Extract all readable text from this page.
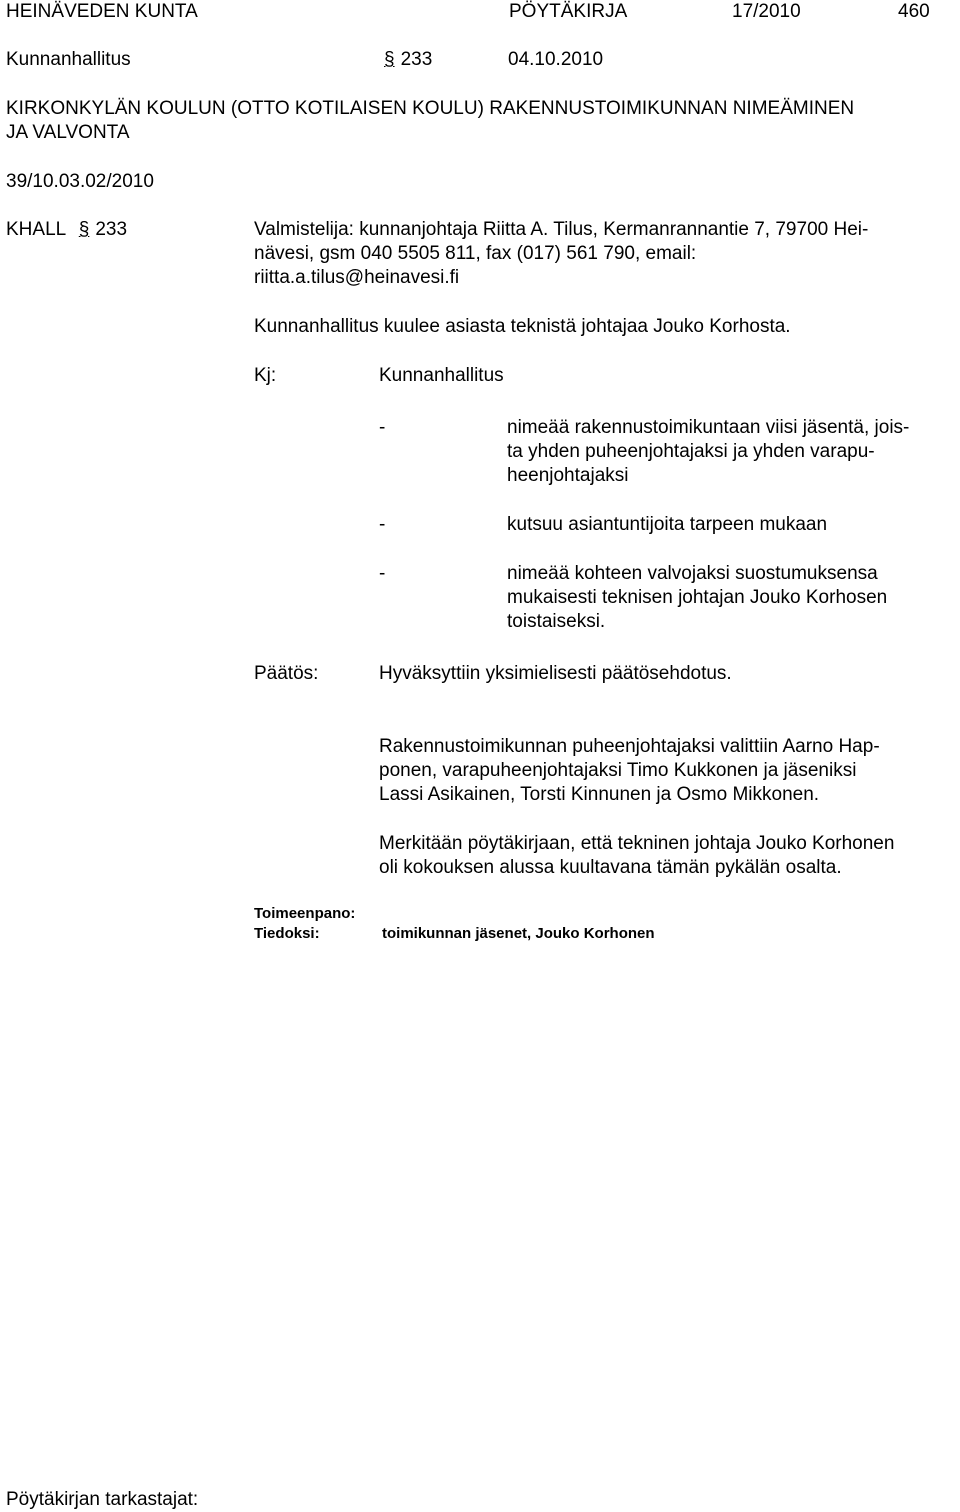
HEINÄVEDEN KUNTA	PÖYTÄKIRJA	17/2010	460
Kunnanhallitus	§ 233	04.10.2010
KIRKONKYLÄN KOULUN (OTTO KOTILAISEN KOULU) RAKENNUSTOIMIKUNNAN NIMEÄMINEN
JA VALVONTA
39/10.03.02/2010
KHALL § 233	Valmistelija: kunnanjohtaja Riitta A. Tilus, Kermanrannantie 7, 79700 Hei-
nävesi, gsm 040 5505 811, fax (017) 561 790, email:
riitta.a.tilus@heinavesi.fi
Kunnanhallitus kuulee asiasta teknistä johtajaa Jouko Korhosta.
Kj:	Kunnanhallitus
-	nimeää rakennustoimikuntaan viisi jäsentä, jois-
ta yhden puheenjohtajaksi ja yhden varapu-
heenjohtajaksi
-	kutsuu asiantuntijoita tarpeen mukaan
-	nimeää kohteen valvojaksi suostumuksensa
mukaisesti teknisen johtajan Jouko Korhosen
toistaiseksi.
Päätös:	Hyväksyttiin yksimielisesti päätösehdotus.
Rakennustoimikunnan puheenjohtajaksi valittiin Aarno Hap-
ponen, varapuheenjohtajaksi Timo Kukkonen ja jäseniksi
Lassi Asikainen, Torsti Kinnunen ja Osmo Mikkonen.
Merkitään pöytäkirjaan, että tekninen johtaja Jouko Korhonen
oli kokouksen alussa kuultavana tämän pykälän osalta.
Toimeenpano:
Tiedoksi:	toimikunnan jäsenet, Jouko Korhonen
Pöytäkirjan tarkastajat:
